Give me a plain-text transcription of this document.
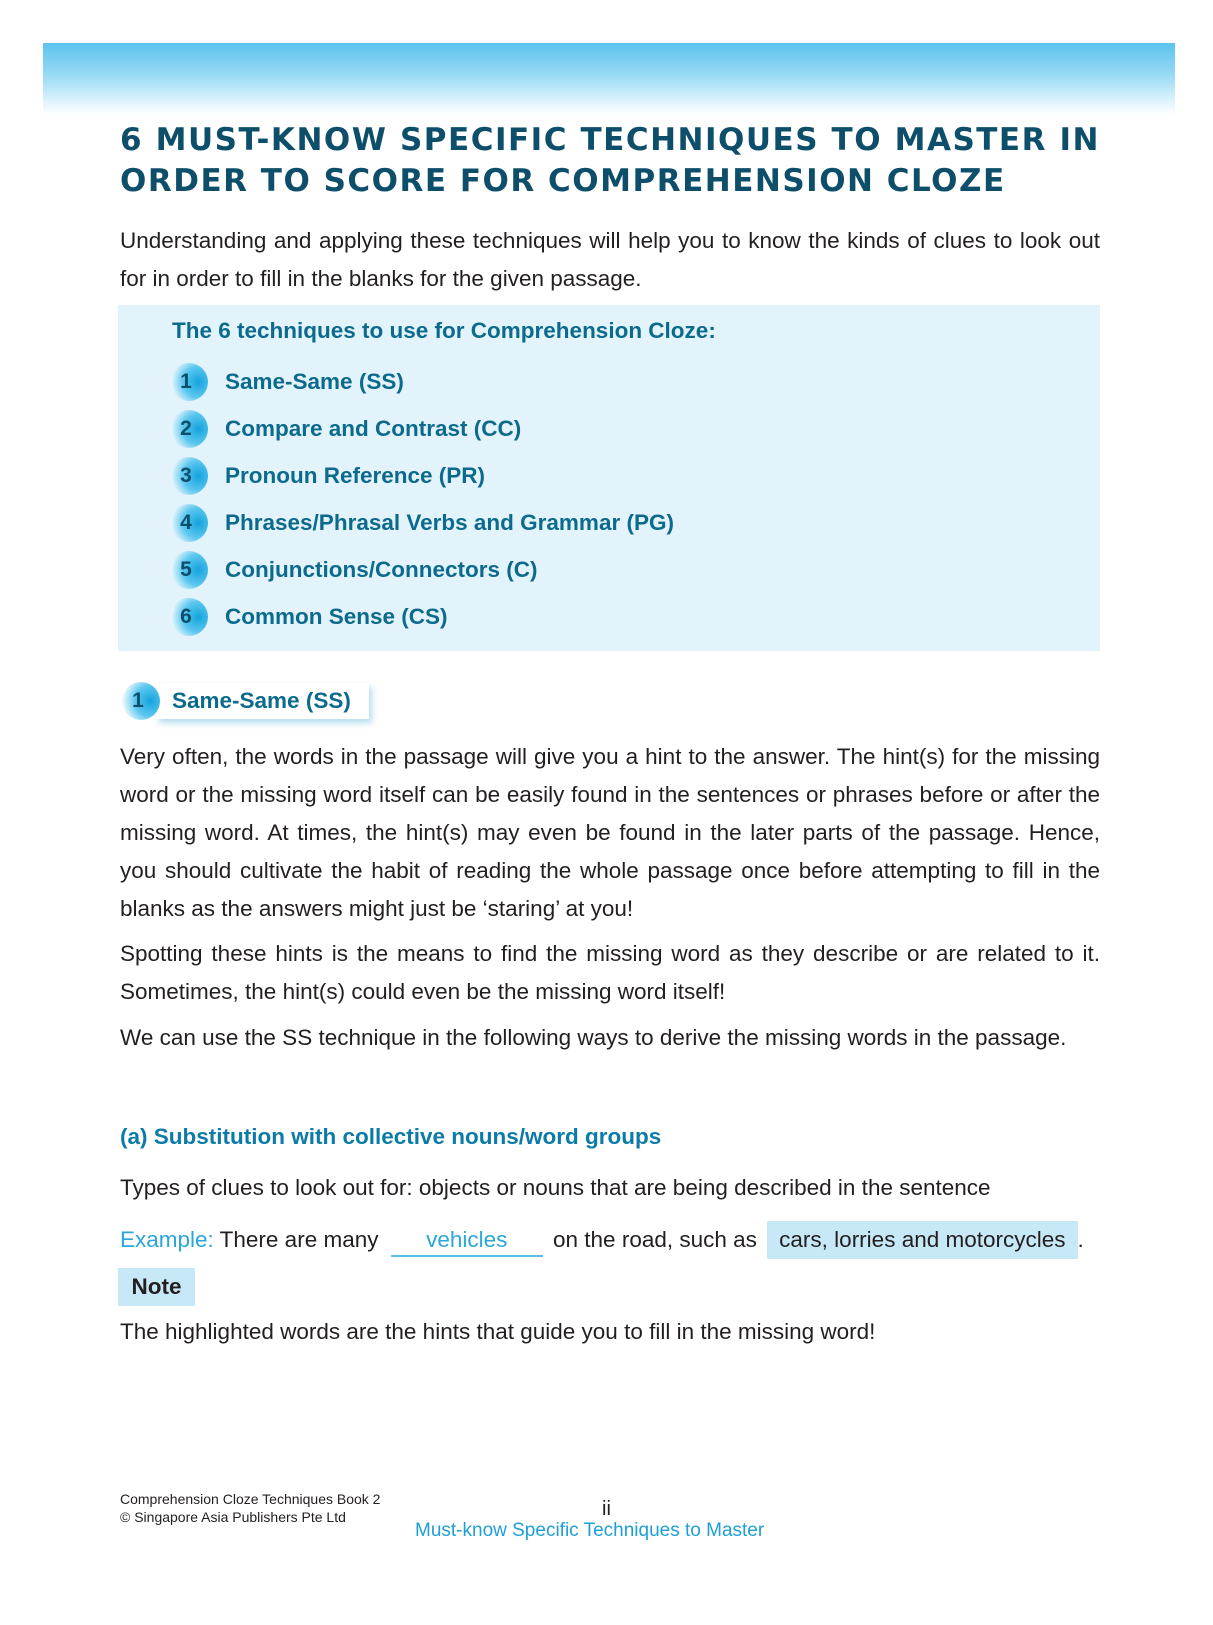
6 MUST-KNOW SPECIFIC TECHNIQUES TO MASTER IN ORDER TO SCORE FOR COMPREHENSION CLOZE

Understanding and applying these techniques will help you to know the kinds of clues to look out for in order to fill in the blanks for the given passage.

The 6 techniques to use for Comprehension Cloze:

1 Same-Same (SS)
2 Compare and Contrast (CC)
3 Pronoun Reference (PR)
4 Phrases/Phrasal Verbs and Grammar (PG)
5 Conjunctions/Connectors (C)
6 Common Sense (CS)
1 Same-Same (SS)

Very often, the words in the passage will give you a hint to the answer. The hint(s) for the missing word or the missing word itself can be easily found in the sentences or phrases before or after the missing word. At times, the hint(s) may even be found in the later parts of the passage. Hence, you should cultivate the habit of reading the whole passage once before attempting to fill in the blanks as the answers might just be ‘staring’ at you!

Spotting these hints is the means to find the missing word as they describe or are related to it. Sometimes, the hint(s) could even be the missing word itself!

We can use the SS technique in the following ways to derive the missing words in the passage.

(a) Substitution with collective nouns/word groups

Types of clues to look out for: objects or nouns that are being described in the sentence

Example: There are many vehicles on the road, such as cars, lorries and motorcycles .
Note

The highlighted words are the hints that guide you to fill in the missing word!

Comprehension Cloze Techniques Book 2
© Singapore Asia Publishers Pte Ltd	ii
Must-know Specific Techniques to Master
